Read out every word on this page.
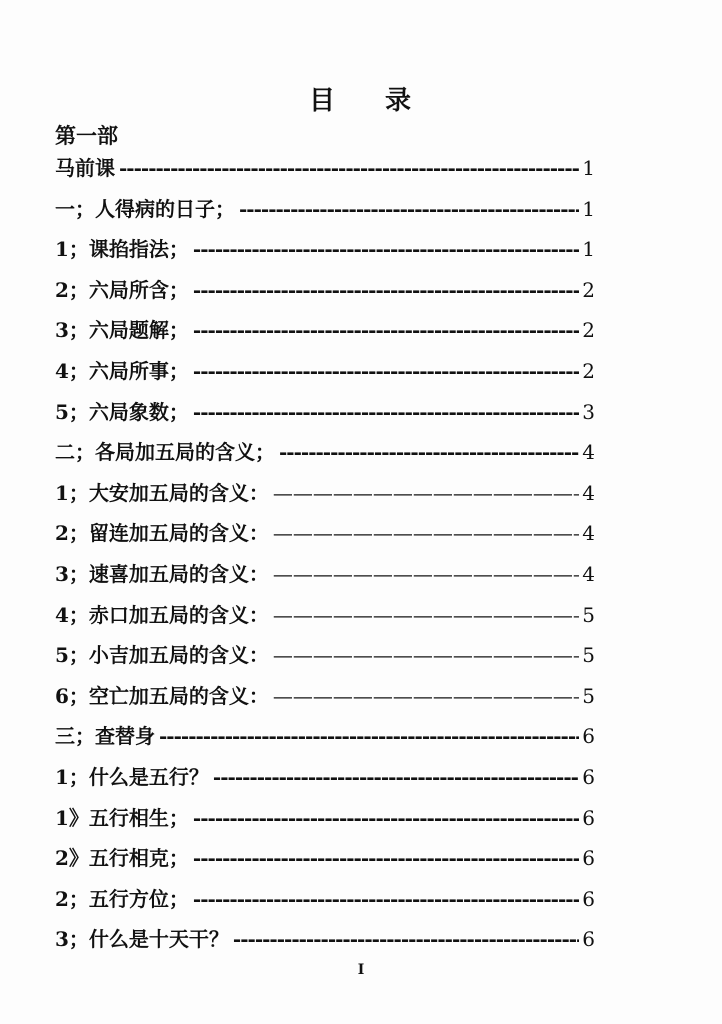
目 录
第一部
马前课 -----	1
一；人得病的日子； -----	1
1；课掐指法； -----	1
2；六局所含； -----	2
3；六局题解； -----	2
4；六局所事； -----	2
5；六局象数； -----	3
二；各局加五局的含义； -----	4
1；大安加五局的含义： —————	4
2；留连加五局的含义： —————	4
3；速喜加五局的含义： —————	4
4；赤口加五局的含义： —————	5
5；小吉加五局的含义： —————	5
6；空亡加五局的含义： —————	5
三；查替身 -----	6
1；什么是五行？ -----	6
1》五行相生； -----	6
2》五行相克； -----	6
2；五行方位； -----	6
3；什么是十天干？ -----	6
I
